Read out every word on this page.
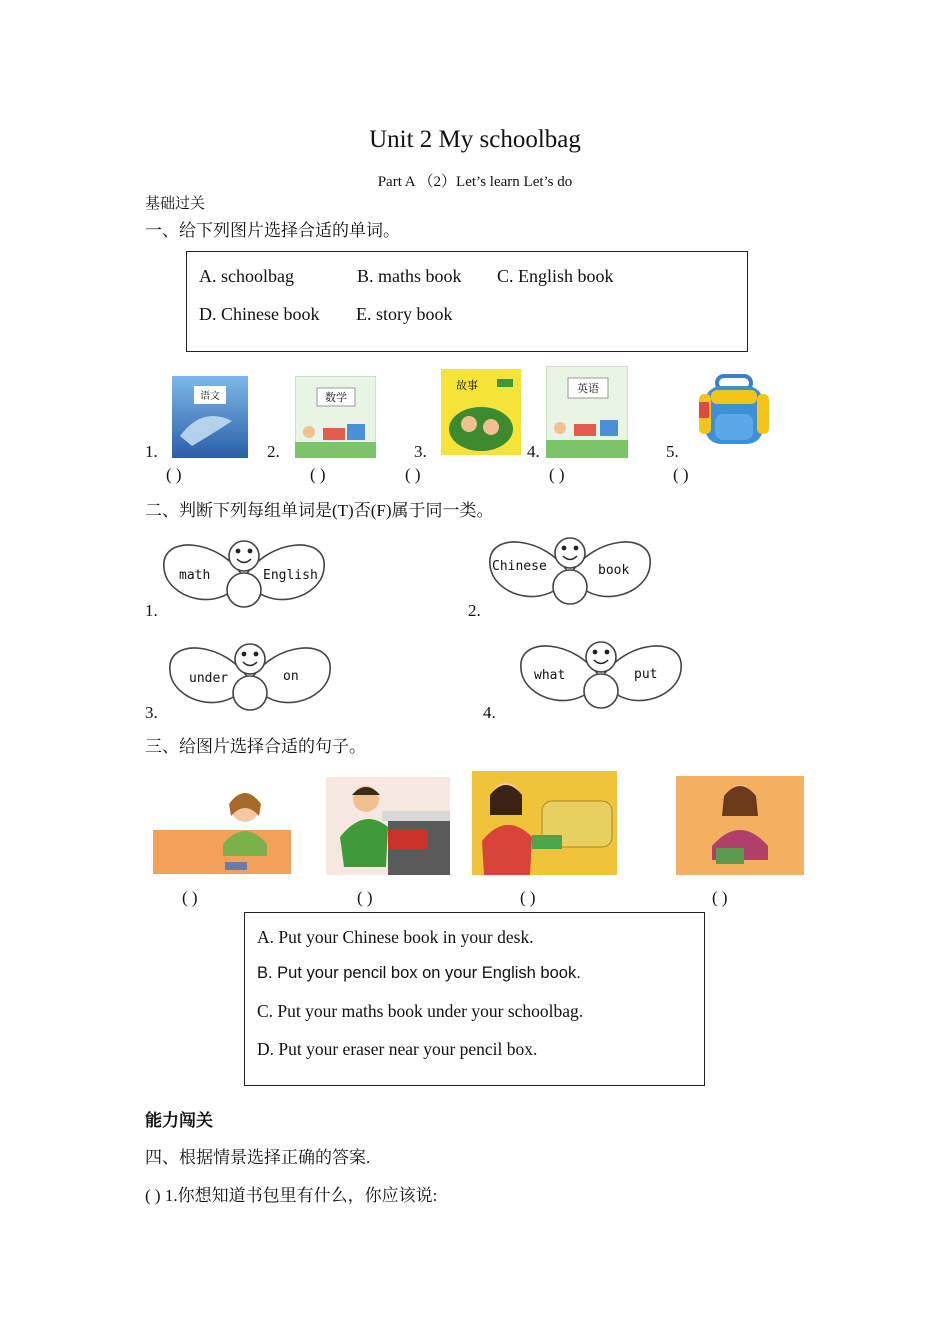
Unit 2 My schoolbag
Part A （2）Let’s learn Let’s do
基础过关
一、给下列图片选择合适的单词。
A. schoolbag	B. maths book C. English book
D. Chinese book E. story book
1.
语文
2.
数学
3.
故事
4.
英语
5.
( )	( )	( )	( )	( )
二、判断下列每组单词是(T)否(F)属于同一类。
1.
math	English
2.
Chinese	book
3.
under	on
4.
what	put
三、给图片选择合适的句子。
( )	( )	( )	( )
A. Put your Chinese book in your desk.
B. Put your pencil box on your English book.
C. Put your maths book under your schoolbag.
D. Put your eraser near your pencil box.
能力闯关
四、根据情景选择正确的答案.
( ) 1.你想知道书包里有什么，你应该说:
